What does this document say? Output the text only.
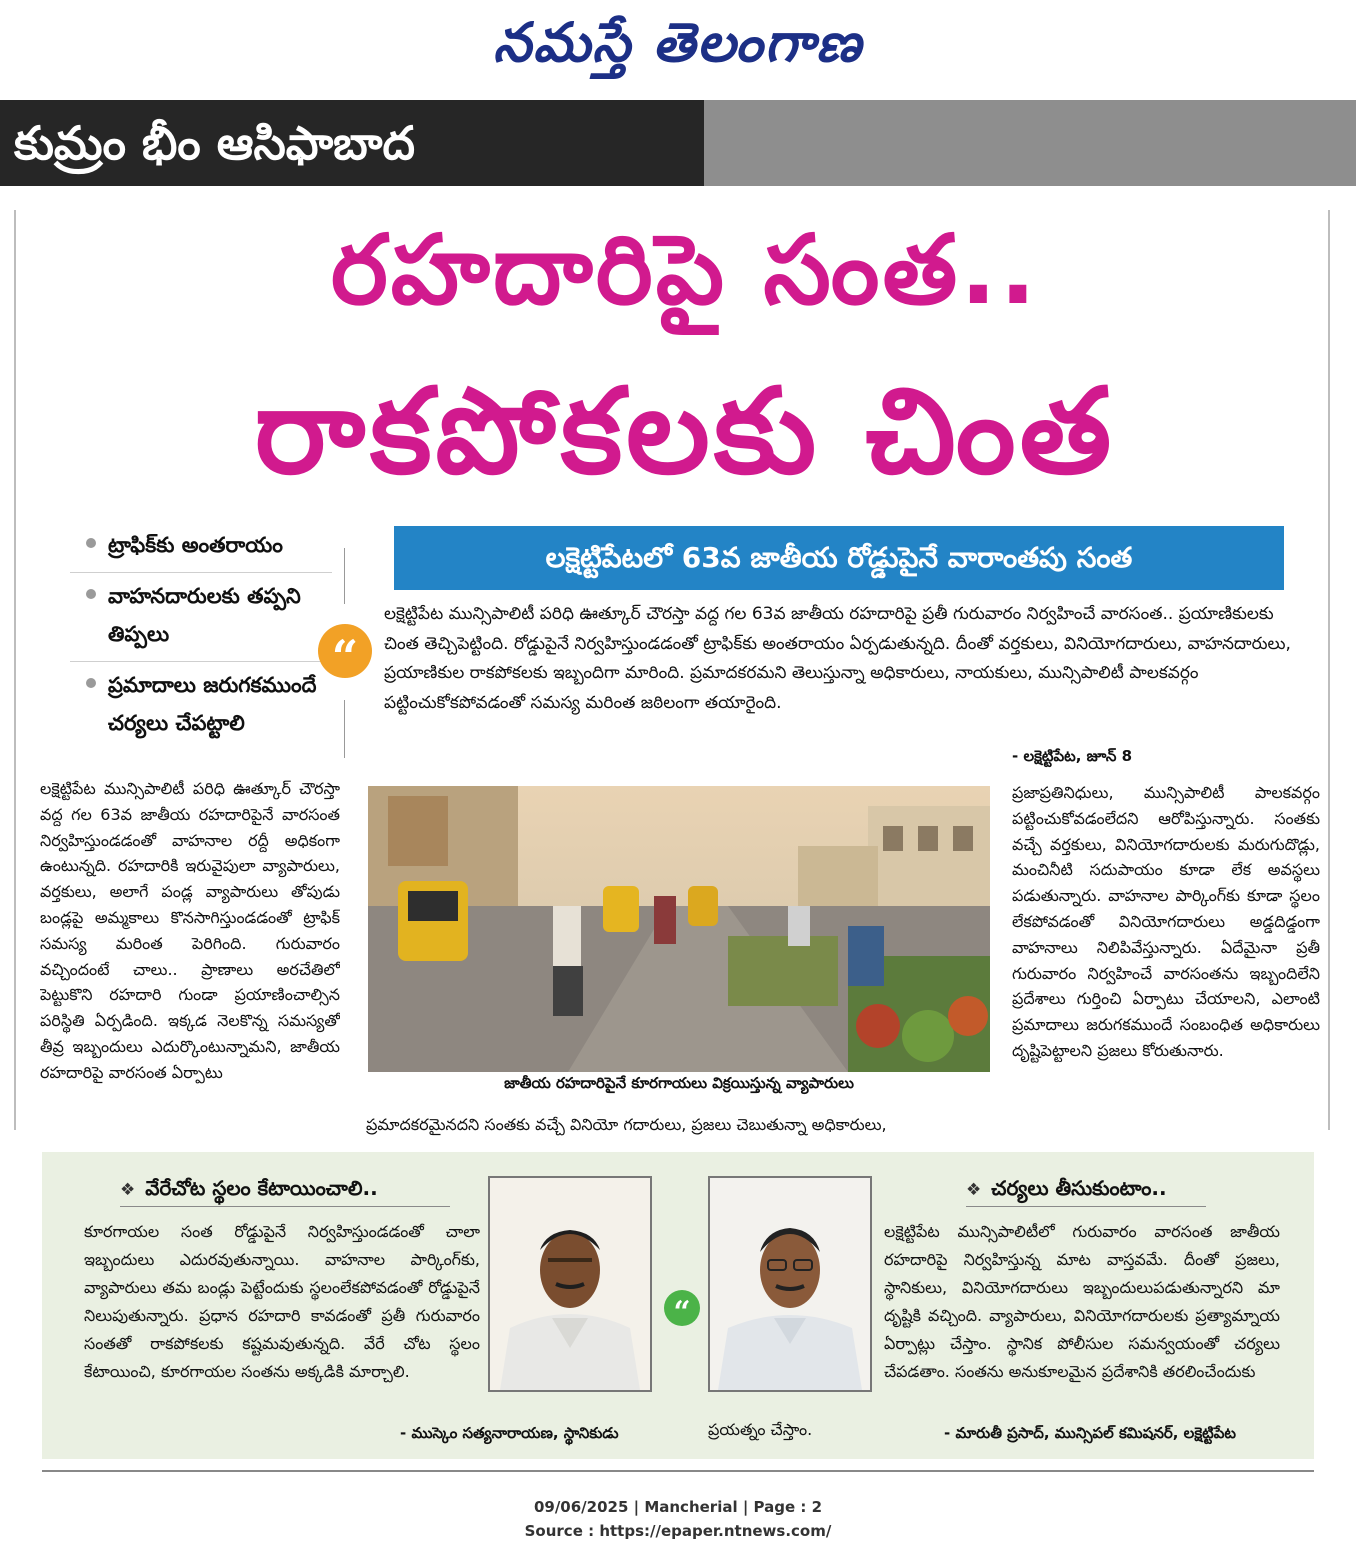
నమస్తే తెలంగాణ
కుమ్రం భీం ఆసిఫాబాద
రహదారిపై సంత..
రాకపోకలకు చింత
ట్రాఫిక్‌కు అంతరాయం
వాహనదారులకు తప్పని తిప్పలు
ప్రమాదాలు జరుగకముందే చర్యలు చేపట్టాలి
“
లక్షెట్టిపేటలో 63వ జాతీయ రోడ్డుపైనే వారాంతపు సంత
లక్షెట్టిపేట మున్సిపాలిటీ పరిధి ఊత్కూర్ చౌరస్తా వద్ద గల 63వ జాతీయ రహదారిపై ప్రతీ గురువారం నిర్వహించే వారసంత.. ప్రయాణికులకు చింత తెచ్చిపెట్టింది. రోడ్డుపైనే నిర్వహిస్తుండడంతో ట్రాఫిక్‌కు అంతరాయం ఏర్పడుతున్నది. దీంతో వర్తకులు, వినియోగదారులు, వాహనదారులు, ప్రయాణికుల రాకపోకలకు ఇబ్బందిగా మారింది. ప్రమాదకరమని తెలుస్తున్నా అధికారులు, నాయకులు, మున్సిపాలిటీ పాలకవర్గం పట్టించుకోకపోవడంతో సమస్య మరింత జఠిలంగా తయారైంది.
- లక్షెట్టిపేట, జూన్ 8
లక్షెట్టిపేట మున్సిపాలిటీ పరిధి ఊత్కూర్ చౌరస్తా వద్ద గల 63వ జాతీయ రహదారిపైనే వారసంత నిర్వహిస్తుండడంతో వాహనాల రద్దీ అధికంగా ఉంటున్నది. రహదారికి ఇరువైపులా వ్యాపారులు, వర్తకులు, అలాగే పండ్ల వ్యాపారులు తోపుడు బండ్లపై అమ్మకాలు కొనసాగిస్తుండడంతో ట్రాఫిక్ సమస్య మరింత పెరిగింది. గురువారం వచ్చిందంటే చాలు.. ప్రాణాలు అరచేతిలో పెట్టుకొని రహదారి గుండా ప్రయాణించాల్సిన పరిస్థితి ఏర్పడింది. ఇక్కడ నెలకొన్న సమస్యతో తీవ్ర ఇబ్బందులు ఎదుర్కొంటున్నామని, జాతీయ రహదారిపై వారసంత ఏర్పాటు
ప్రజాప్రతినిధులు, మున్సిపాలిటీ పాలకవర్గం పట్టించుకోవడంలేదని ఆరోపిస్తున్నారు. సంతకు వచ్చే వర్తకులు, వినియోగదారులకు మరుగుదొడ్లు, మంచినీటి సదుపాయం కూడా లేక అవస్థలు పడుతున్నారు. వాహనాల పార్కింగ్‌కు కూడా స్థలం లేకపోవడంతో వినియోగదారులు అడ్డదిడ్డంగా వాహనాలు నిలిపివేస్తున్నారు. ఏదేమైనా ప్రతీ గురువారం నిర్వహించే వారసంతను ఇబ్బందిలేని ప్రదేశాలు గుర్తించి ఏర్పాటు చేయాలని, ఎలాంటి ప్రమాదాలు జరుగకముందే సంబంధిత అధికారులు దృష్టిపెట్టాలని ప్రజలు కోరుతునారు.
జాతీయ రహదారిపైనే కూరగాయలు విక్రయిస్తున్న వ్యాపారులు
ప్రమాదకరమైనదని సంతకు వచ్చే వినియో గదారులు, ప్రజలు చెబుతున్నా అధికారులు,
❖ వేరేచోట స్థలం కేటాయించాలి..
కూరగాయల సంత రోడ్డుపైనే నిర్వహిస్తుండడంతో చాలా ఇబ్బందులు ఎదురవుతున్నాయి. వాహనాల పార్కింగ్‌కు, వ్యాపారులు తమ బండ్లు పెట్టేందుకు స్థలంలేకపోవడంతో రోడ్డుపైనే నిలుపుతున్నారు. ప్రధాన రహదారి కావడంతో ప్రతీ గురువారం సంతతో రాకపోకలకు కష్టమవుతున్నది. వేరే చోట స్థలం కేటాయించి, కూరగాయల సంతను అక్కడికి మార్చాలి.
- ముస్కెం సత్యనారాయణ, స్థానికుడు
“
❖ చర్యలు తీసుకుంటాం..
లక్షెట్టిపేట మున్సిపాలిటీలో గురువారం వారసంత జాతీయ రహదారిపై నిర్వహిస్తున్న మాట వాస్తవమే. దీంతో ప్రజలు, స్థానికులు, వినియోగదారులు ఇబ్బందులుపడుతున్నారని మా దృష్టికి వచ్చింది. వ్యాపారులు, వినియోగదారులకు ప్రత్యామ్నాయ ఏర్పాట్లు చేస్తాం. స్థానిక పోలీసుల సమన్వయంతో చర్యలు చేపడతాం. సంతను అనుకూలమైన ప్రదేశానికి తరలించేందుకు
ప్రయత్నం చేస్తాం.	- మారుతీ ప్రసాద్, మున్సిపల్ కమిషనర్, లక్షెట్టిపేట
09/06/2025 | Mancherial | Page : 2
Source : https://epaper.ntnews.com/
